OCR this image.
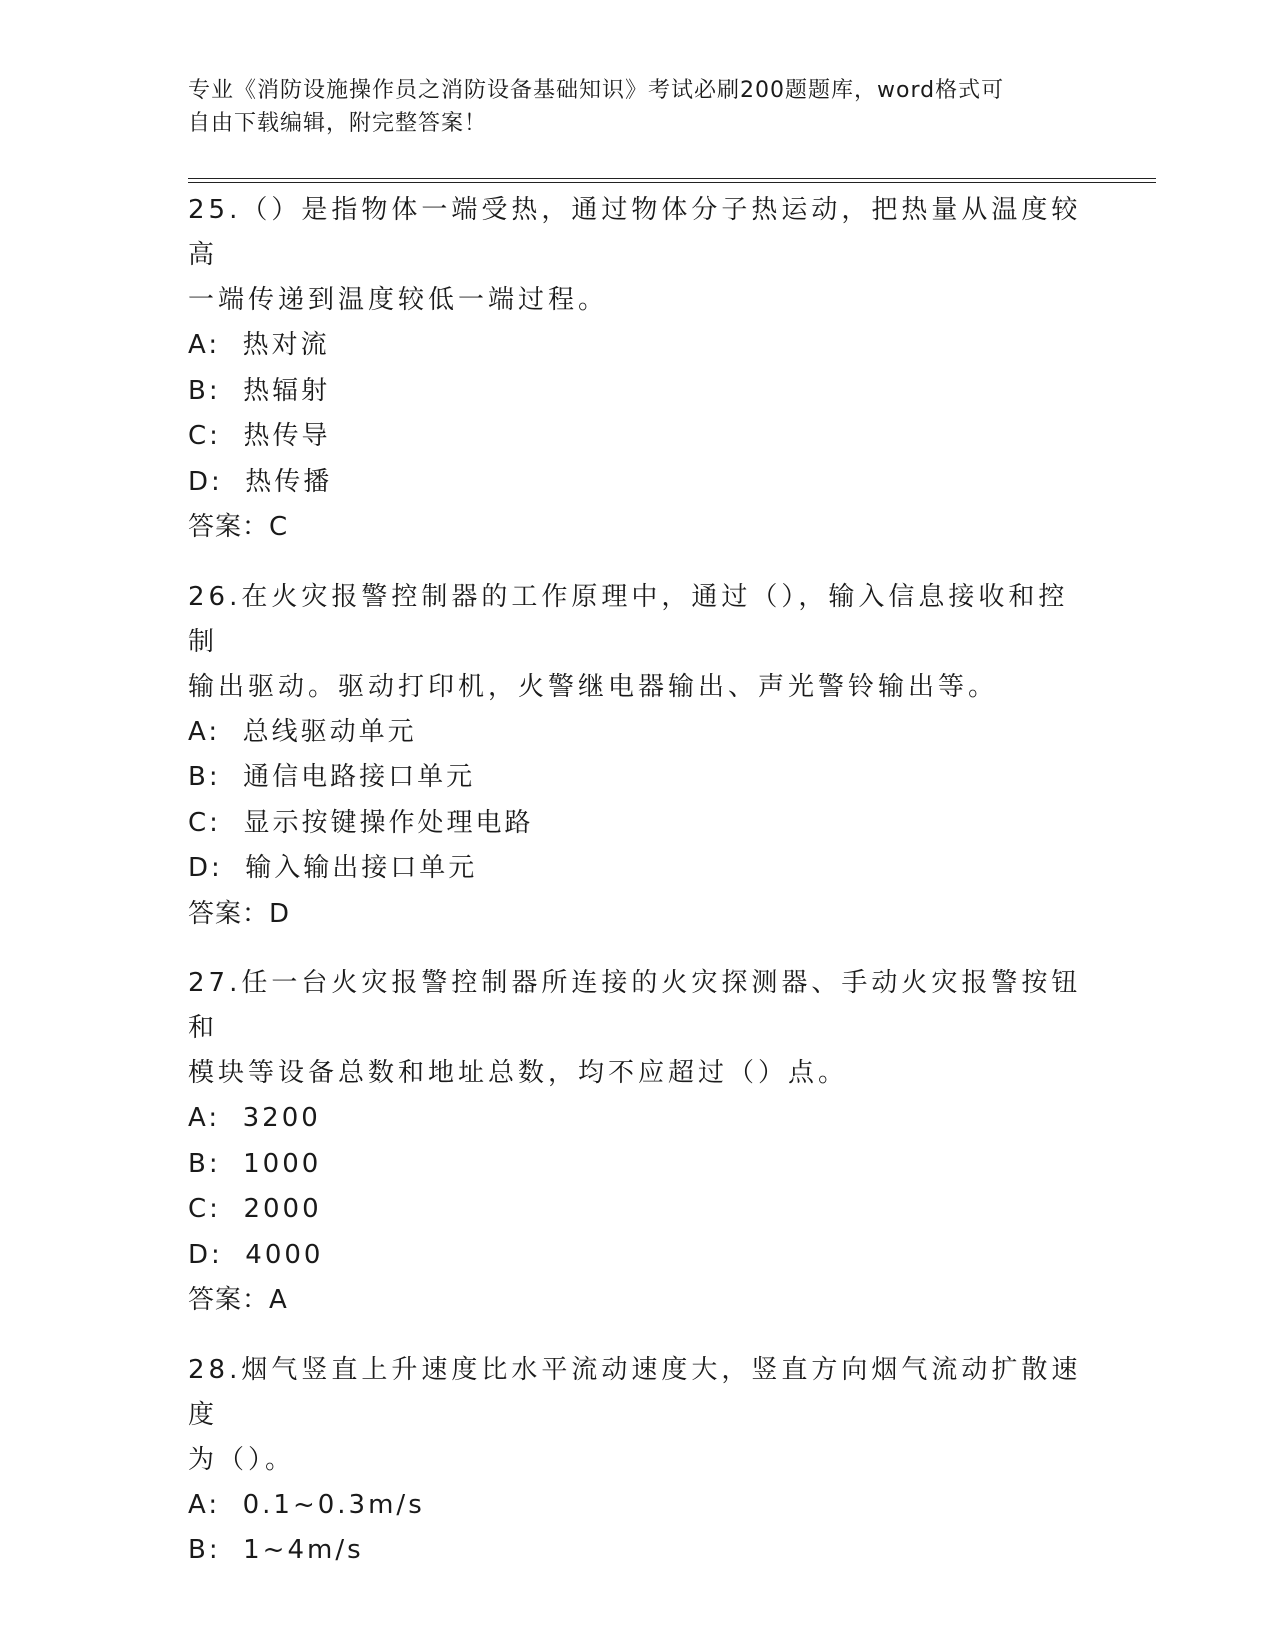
专业《消防设施操作员之消防设备基础知识》考试必刷200题题库，word格式可
自由下载编辑，附完整答案！
25.（）是指物体一端受热，通过物体分子热运动，把热量从温度较高
一端传递到温度较低一端过程。
A:  热对流
B:  热辐射
C:  热传导
D:  热传播
答案：C
26.在火灾报警控制器的工作原理中，通过（），输入信息接收和控制
输出驱动。驱动打印机，火警继电器输出、声光警铃输出等。
A:  总线驱动单元
B:  通信电路接口单元
C:  显示按键操作处理电路
D:  输入输出接口单元
答案：D
27.任一台火灾报警控制器所连接的火灾探测器、手动火灾报警按钮和
模块等设备总数和地址总数，均不应超过（）点。
A:  3200
B:  1000
C:  2000
D:  4000
答案：A
28.烟气竖直上升速度比水平流动速度大，竖直方向烟气流动扩散速度
为（）。
A:  0.1~0.3m/s
B:  1~4m/s
